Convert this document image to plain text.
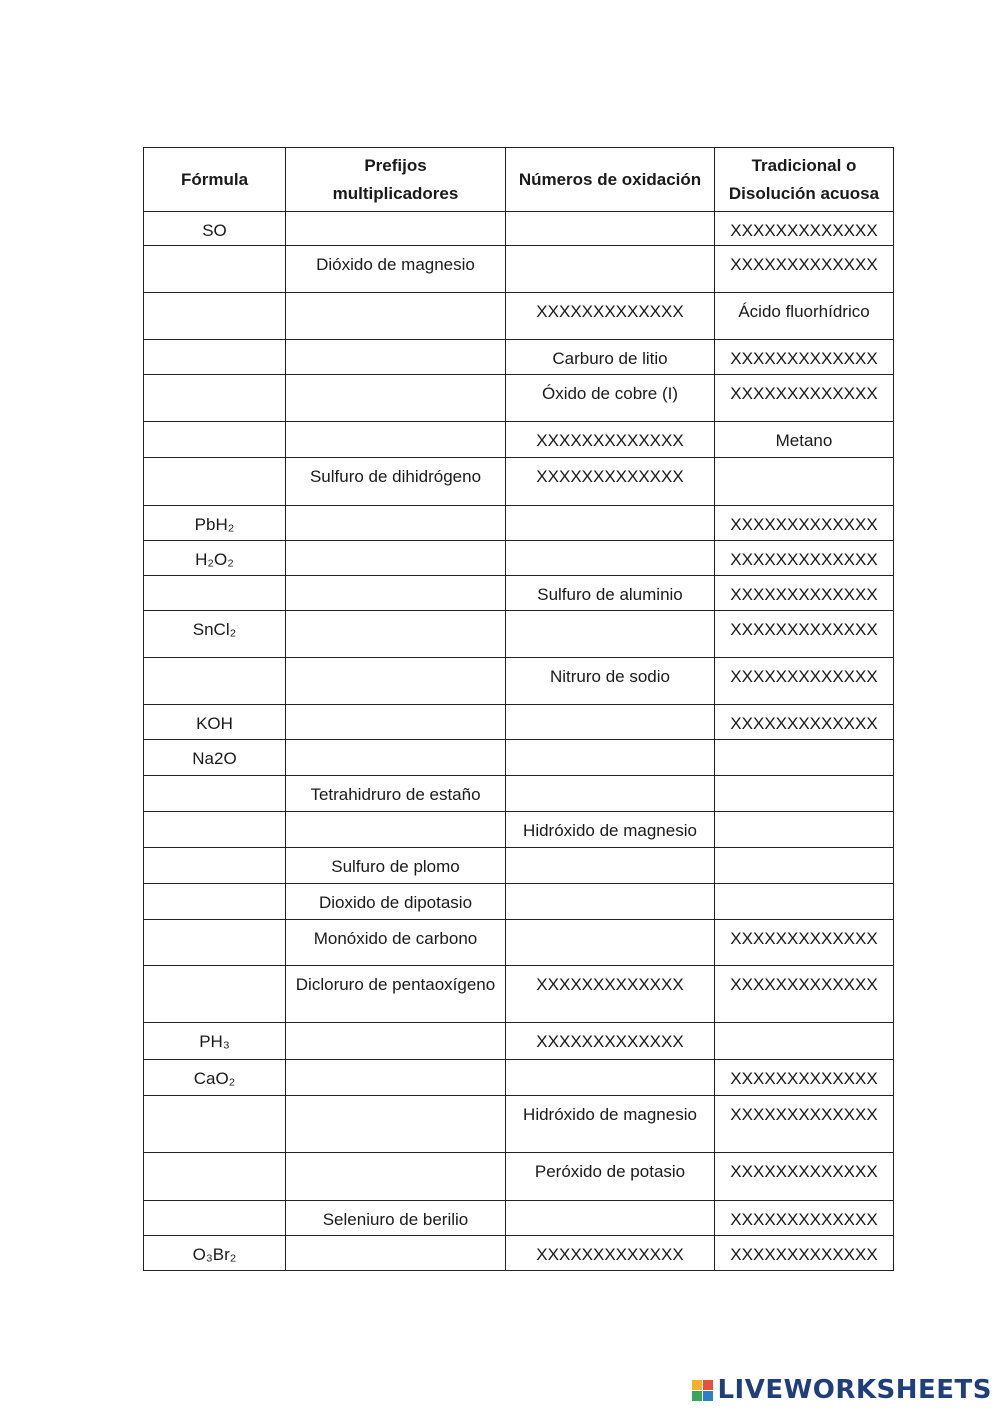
Fórmula	Prefijos
multiplicadores	Números de oxidación	Tradicional o
Disolución acuosa
SO			XXXXXXXXXXXXX
	Dióxido de magnesio		XXXXXXXXXXXXX
		XXXXXXXXXXXXX	Ácido fluorhídrico
		Carburo de litio	XXXXXXXXXXXXX
		Óxido de cobre (I)	XXXXXXXXXXXXX
		XXXXXXXXXXXXX	Metano
	Sulfuro de dihidrógeno	XXXXXXXXXXXXX	
PbH₂			XXXXXXXXXXXXX
H₂O₂			XXXXXXXXXXXXX
		Sulfuro de aluminio	XXXXXXXXXXXXX
SnCl₂			XXXXXXXXXXXXX
		Nitruro de sodio	XXXXXXXXXXXXX
KOH			XXXXXXXXXXXXX
Na2O			
	Tetrahidruro de estaño		
		Hidróxido de magnesio	
	Sulfuro de plomo		
	Dioxido de dipotasio		
	Monóxido de carbono		XXXXXXXXXXXXX
	Dicloruro de pentaoxígeno	XXXXXXXXXXXXX	XXXXXXXXXXXXX
PH₃		XXXXXXXXXXXXX	
CaO₂			XXXXXXXXXXXXX
		Hidróxido de magnesio	XXXXXXXXXXXXX
		Peróxido de potasio	XXXXXXXXXXXXX
	Seleniuro de berilio		XXXXXXXXXXXXX
O₃Br₂		XXXXXXXXXXXXX	XXXXXXXXXXXXX
LIVEWORKSHEETS
